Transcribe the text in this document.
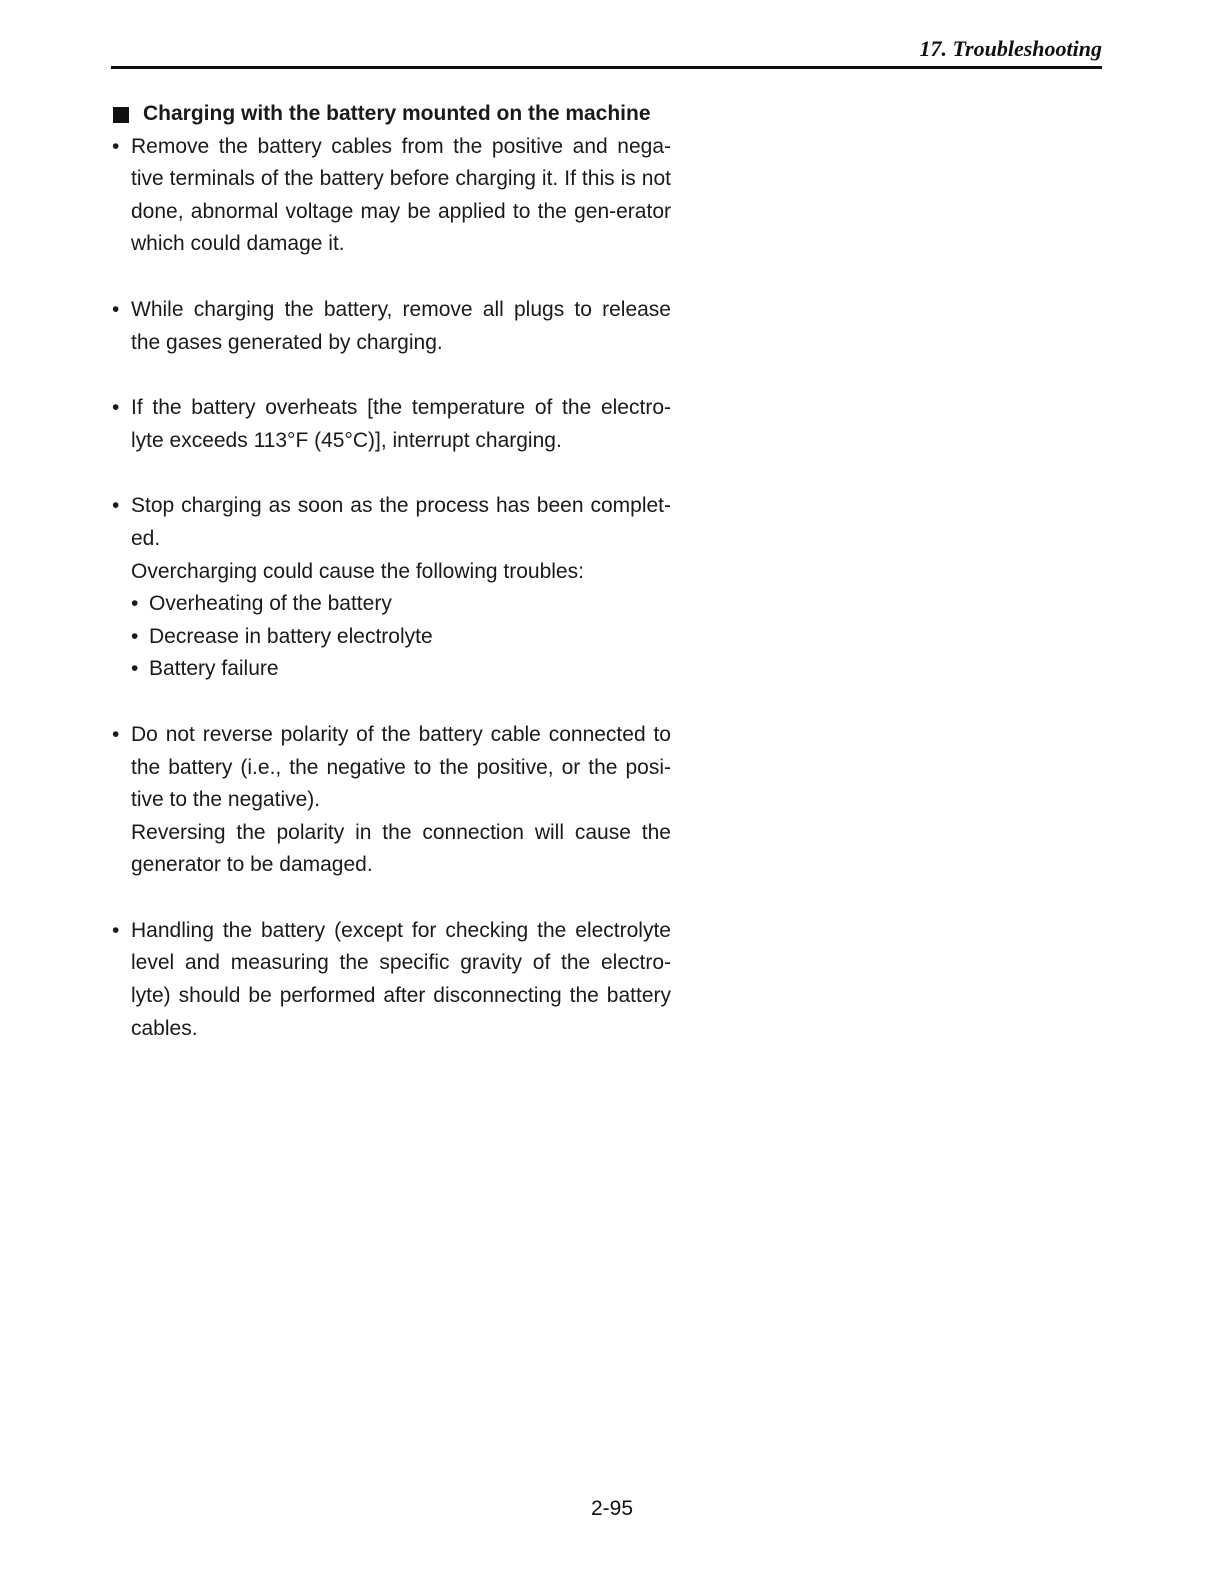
17. Troubleshooting
Charging with the battery mounted on the machine
• Remove the battery cables from the positive and nega-tive terminals of the battery before charging it. If this is not done, abnormal voltage may be applied to the gen-erator which could damage it.
• While charging the battery, remove all plugs to release the gases generated by charging.
• If the battery overheats [the temperature of the electro-lyte exceeds 113°F (45°C)], interrupt charging.
• Stop charging as soon as the process has been complet-ed.
Overcharging could cause the following troubles:
• Overheating of the battery
• Decrease in battery electrolyte
• Battery failure
• Do not reverse polarity of the battery cable connected to the battery (i.e., the negative to the positive, or the posi-tive to the negative).
Reversing the polarity in the connection will cause the generator to be damaged.
• Handling the battery (except for checking the electrolyte level and measuring the specific gravity of the electro-lyte) should be performed after disconnecting the battery cables.
2-95
